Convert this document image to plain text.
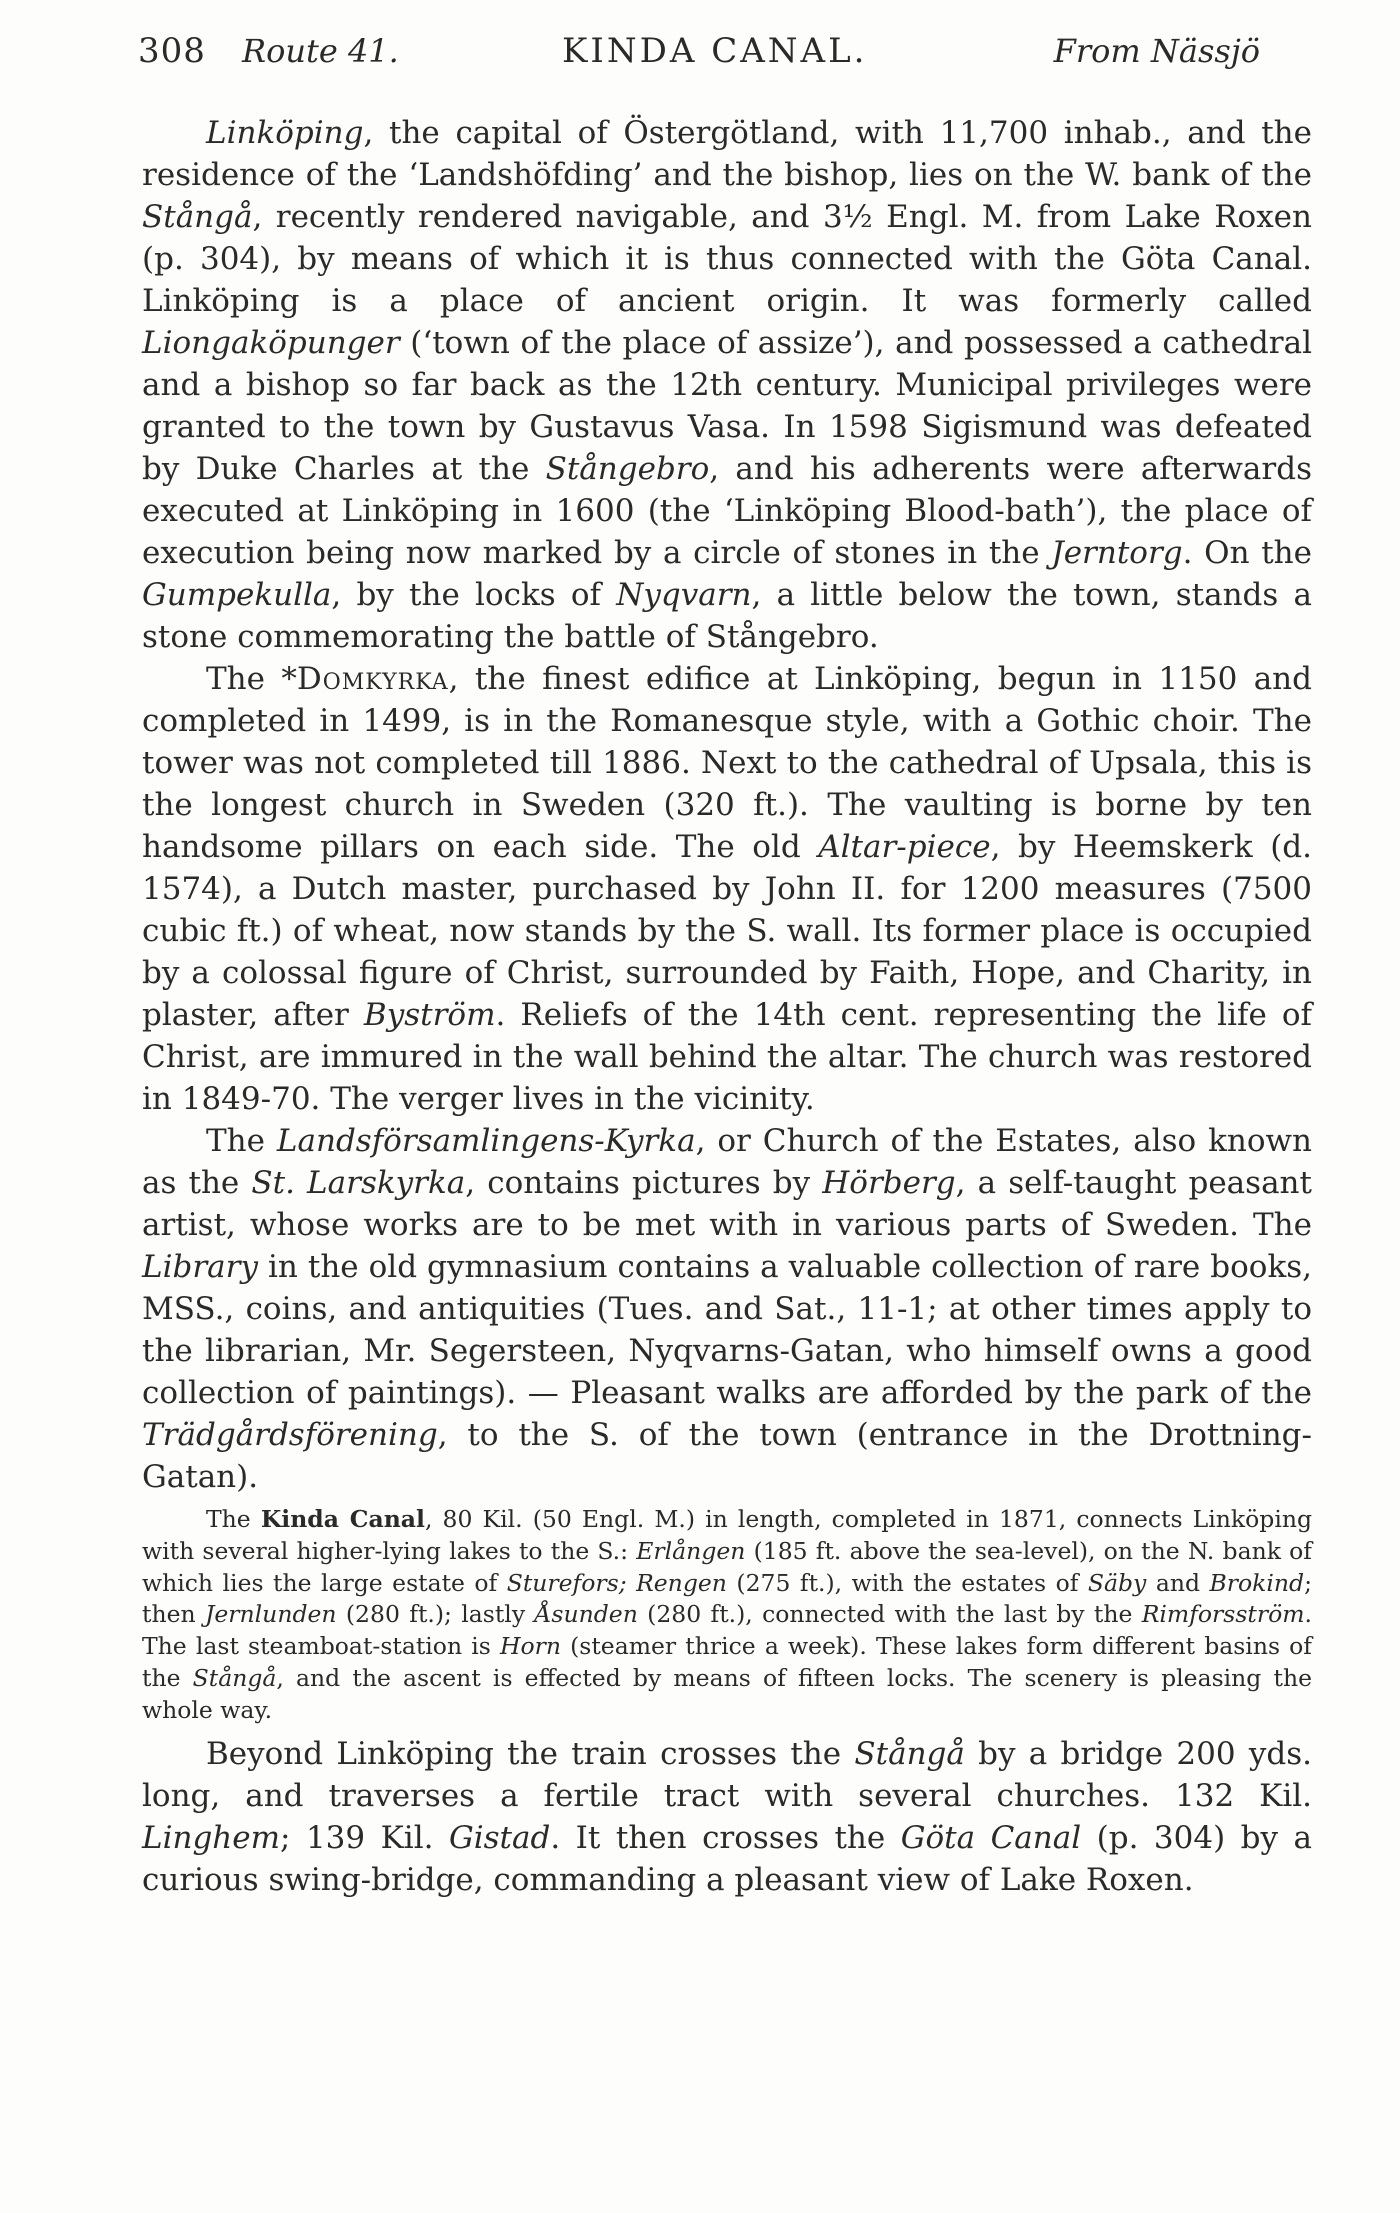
308 Route 41.	KINDA CANAL.	From Nässjö

Linköping, the capital of Östergötland, with 11,700 inhab., and the residence of the ‘Landshöfding’ and the bishop, lies on the W. bank of the Stångå, recently rendered navigable, and 3½ Engl. M. from Lake Roxen (p. 304), by means of which it is thus connected with the Göta Canal. Linköping is a place of ancient origin. It was formerly called Liongaköpunger (‘town of the place of assize’), and possessed a cathedral and a bishop so far back as the 12th century. Municipal privileges were granted to the town by Gustavus Vasa. In 1598 Sigismund was defeated by Duke Charles at the Stångebro, and his adherents were afterwards executed at Linköping in 1600 (the ‘Linköping Blood-bath’), the place of execution being now marked by a circle of stones in the Jerntorg. On the Gumpekulla, by the locks of Nyqvarn, a little below the town, stands a stone commemorating the battle of Stångebro.

The *Domkyrka, the finest edifice at Linköping, begun in 1150 and completed in 1499, is in the Romanesque style, with a Gothic choir. The tower was not completed till 1886. Next to the cathedral of Upsala, this is the longest church in Sweden (320 ft.). The vaulting is borne by ten handsome pillars on each side. The old Altar-piece, by Heemskerk (d. 1574), a Dutch master, purchased by John II. for 1200 measures (7500 cubic ft.) of wheat, now stands by the S. wall. Its former place is occupied by a colossal figure of Christ, surrounded by Faith, Hope, and Charity, in plaster, after Byström. Reliefs of the 14th cent. representing the life of Christ, are immured in the wall behind the altar. The church was restored in 1849-70. The verger lives in the vicinity.

The Landsförsamlingens-Kyrka, or Church of the Estates, also known as the St. Larskyrka, contains pictures by Hörberg, a self-taught peasant artist, whose works are to be met with in various parts of Sweden. The Library in the old gymnasium contains a valuable collection of rare books, MSS., coins, and antiquities (Tues. and Sat., 11-1; at other times apply to the librarian, Mr. Segersteen, Nyqvarns-Gatan, who himself owns a good collection of paintings). — Pleasant walks are afforded by the park of the Trädgårdsförening, to the S. of the town (entrance in the Drottning-Gatan).

The Kinda Canal, 80 Kil. (50 Engl. M.) in length, completed in 1871, connects Linköping with several higher-lying lakes to the S.: Erlången (185 ft. above the sea-level), on the N. bank of which lies the large estate of Sturefors; Rengen (275 ft.), with the estates of Säby and Brokind; then Jernlunden (280 ft.); lastly Åsunden (280 ft.), connected with the last by the Rimforsström. The last steamboat-station is Horn (steamer thrice a week). These lakes form different basins of the Stångå, and the ascent is effected by means of fifteen locks. The scenery is pleasing the whole way.

Beyond Linköping the train crosses the Stångå by a bridge 200 yds. long, and traverses a fertile tract with several churches. 132 Kil. Linghem; 139 Kil. Gistad. It then crosses the Göta Canal (p. 304) by a curious swing-bridge, commanding a pleasant view of Lake Roxen.
